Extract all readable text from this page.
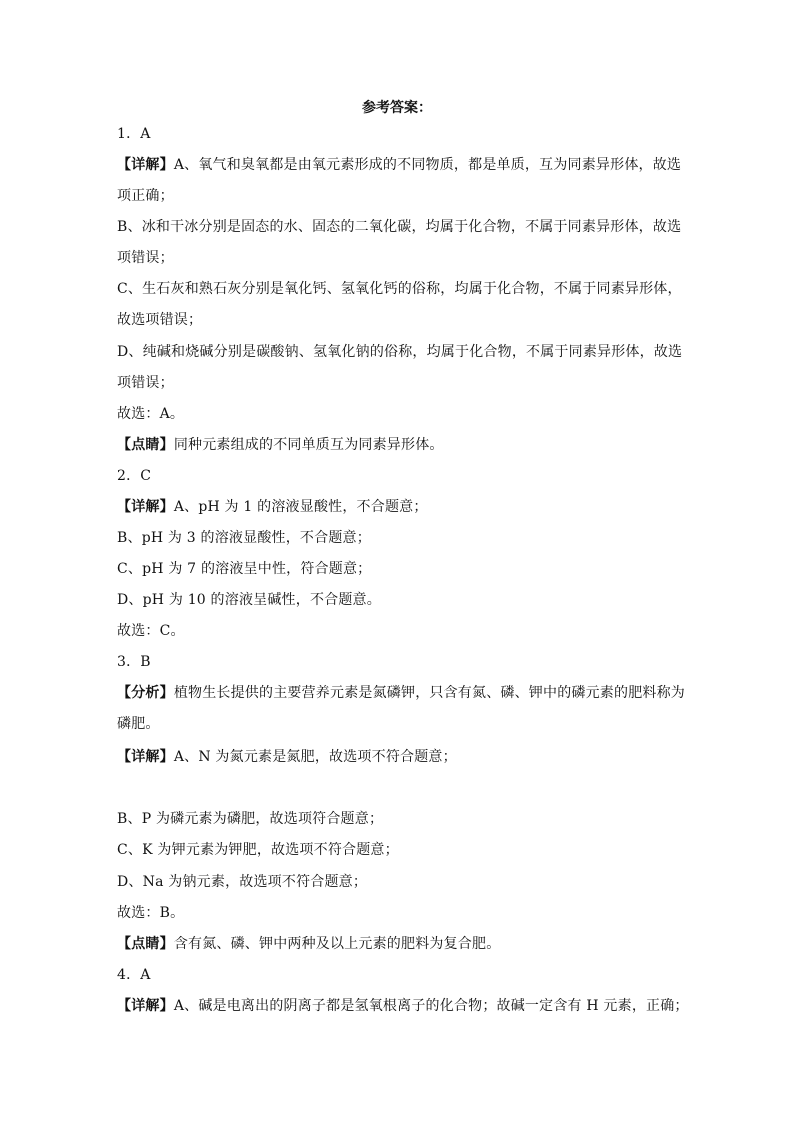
参考答案：
1．A
【详解】A、氧气和臭氧都是由氧元素形成的不同物质，都是单质，互为同素异形体，故选
项正确；
B、冰和干冰分别是固态的水、固态的二氧化碳，均属于化合物，不属于同素异形体，故选
项错误；
C、生石灰和熟石灰分别是氧化钙、氢氧化钙的俗称，均属于化合物，不属于同素异形体，
故选项错误；
D、纯碱和烧碱分别是碳酸钠、氢氧化钠的俗称，均属于化合物，不属于同素异形体，故选
项错误；
故选：A。
【点睛】同种元素组成的不同单质互为同素异形体。
2．C
【详解】A、pH 为 1 的溶液显酸性，不合题意；
B、pH 为 3 的溶液显酸性，不合题意；
C、pH 为 7 的溶液呈中性，符合题意；
D、pH 为 10 的溶液呈碱性，不合题意。
故选：C。
3．B
【分析】植物生长提供的主要营养元素是氮磷钾，只含有氮、磷、钾中的磷元素的肥料称为
磷肥。
【详解】A、N 为氮元素是氮肥，故选项不符合题意；
B、P 为磷元素为磷肥，故选项符合题意；
C、K 为钾元素为钾肥，故选项不符合题意；
D、Na 为钠元素，故选项不符合题意；
故选：B。
【点睛】含有氮、磷、钾中两种及以上元素的肥料为复合肥。
4．A
【详解】A、碱是电离出的阴离子都是氢氧根离子的化合物；故碱一定含有 H 元素，正确；
